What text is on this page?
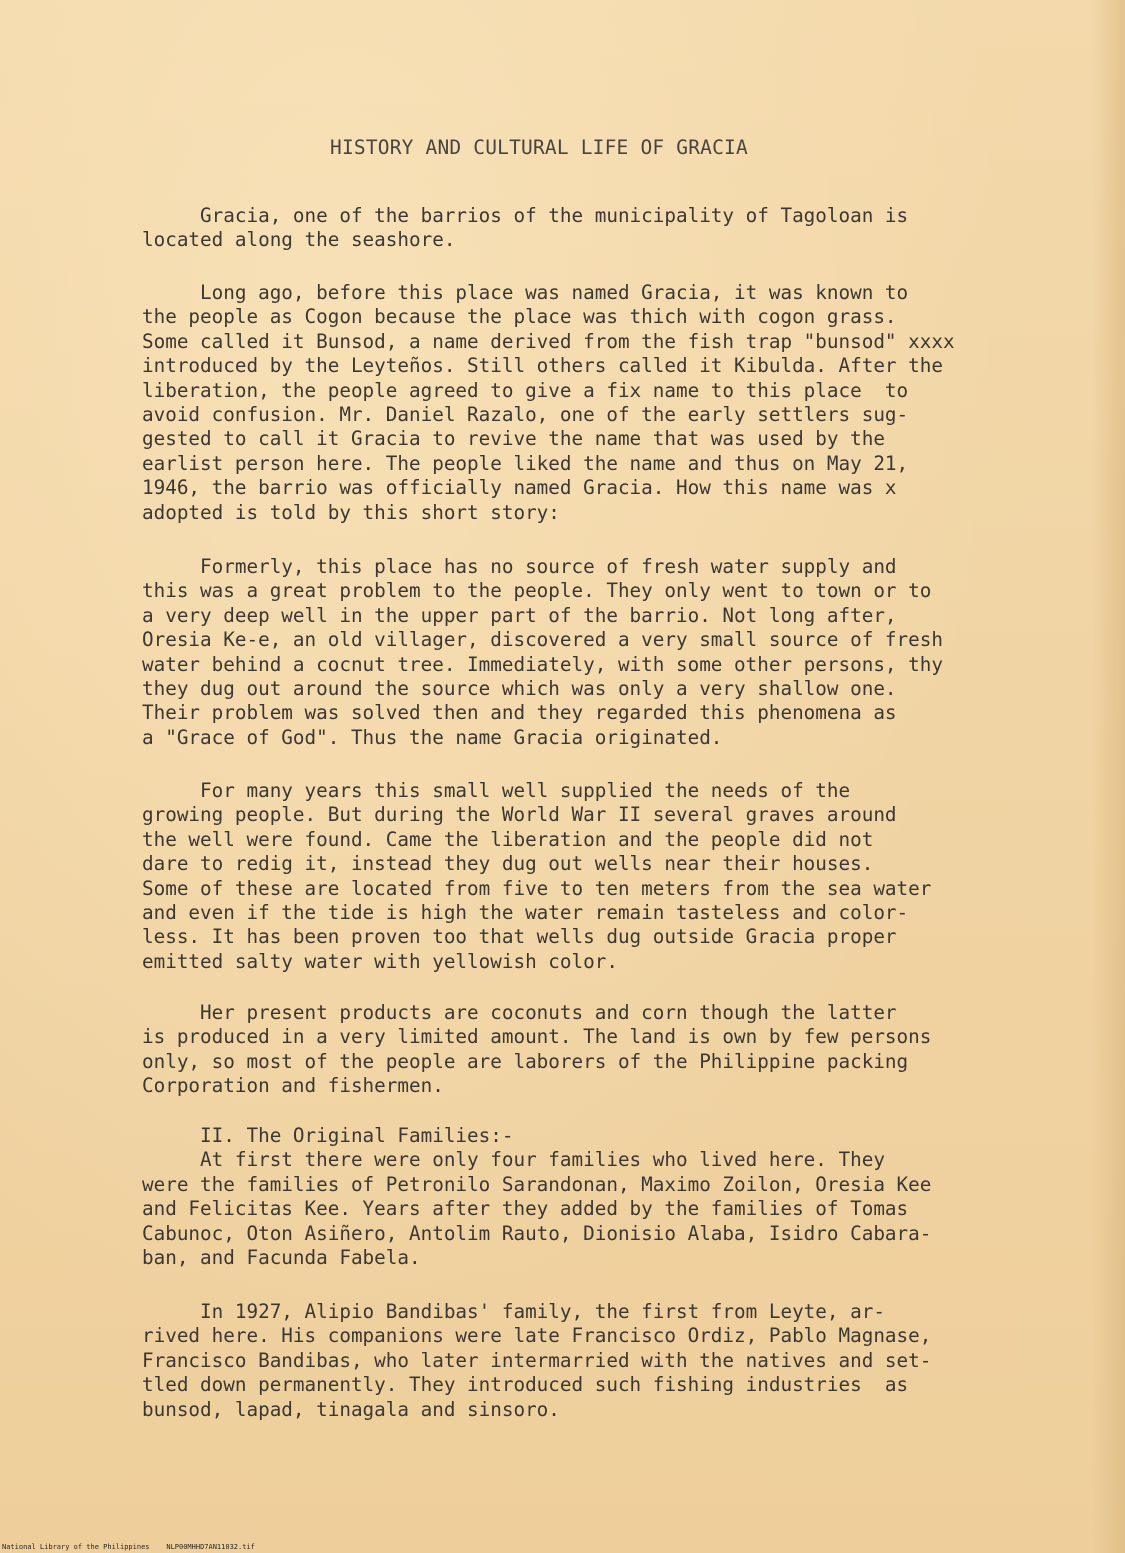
HISTORY AND CULTURAL LIFE OF GRACIA

Gracia, one of the barrios of the municipality of Tagoloan is
located along the seashore.

Long ago, before this place was named Gracia, it was known to
the people as Cogon because the place was thich with cogon grass.
Some called it Bunsod, a name derived from the fish trap "bunsod" xxxx
introduced by the Leyteños. Still others called it Kibulda. After the
liberation, the people agreed to give a fix name to this place  to
avoid confusion. Mr. Daniel Razalo, one of the early settlers sug-
gested to call it Gracia to revive the name that was used by the
earlist person here. The people liked the name and thus on May 21,
1946, the barrio was officially named Gracia. How this name was x
adopted is told by this short story:

Formerly, this place has no source of fresh water supply and
this was a great problem to the people. They only went to town or to
a very deep well in the upper part of the barrio. Not long after,
Oresia Ke-e, an old villager, discovered a very small source of fresh
water behind a cocnut tree. Immediately, with some other persons, thy
they dug out around the source which was only a very shallow one.
Their problem was solved then and they regarded this phenomena as
a "Grace of God". Thus the name Gracia originated.

For many years this small well supplied the needs of the
growing people. But during the World War II several graves around
the well were found. Came the liberation and the people did not
dare to redig it, instead they dug out wells near their houses.
Some of these are located from five to ten meters from the sea water
and even if the tide is high the water remain tasteless and color-
less. It has been proven too that wells dug outside Gracia proper
emitted salty water with yellowish color.

Her present products are coconuts and corn though the latter
is produced in a very limited amount. The land is own by few persons
only, so most of the people are laborers of the Philippine packing
Corporation and fishermen.

II. The Original Families:-
At first there were only four families who lived here. They
were the families of Petronilo Sarandonan, Maximo Zoilon, Oresia Kee
and Felicitas Kee. Years after they added by the families of Tomas
Cabunoc, Oton Asiñero, Antolim Rauto, Dionisio Alaba, Isidro Cabara-
ban, and Facunda Fabela.

In 1927, Alipio Bandibas' family, the first from Leyte, ar-
rived here. His companions were late Francisco Ordiz, Pablo Magnase,
Francisco Bandibas, who later intermarried with the natives and set-
tled down permanently. They introduced such fishing industries  as
bunsod, lapad, tinagala and sinsoro.

National Library of the Philippines    NLP00MHHD7AN11032.tif
